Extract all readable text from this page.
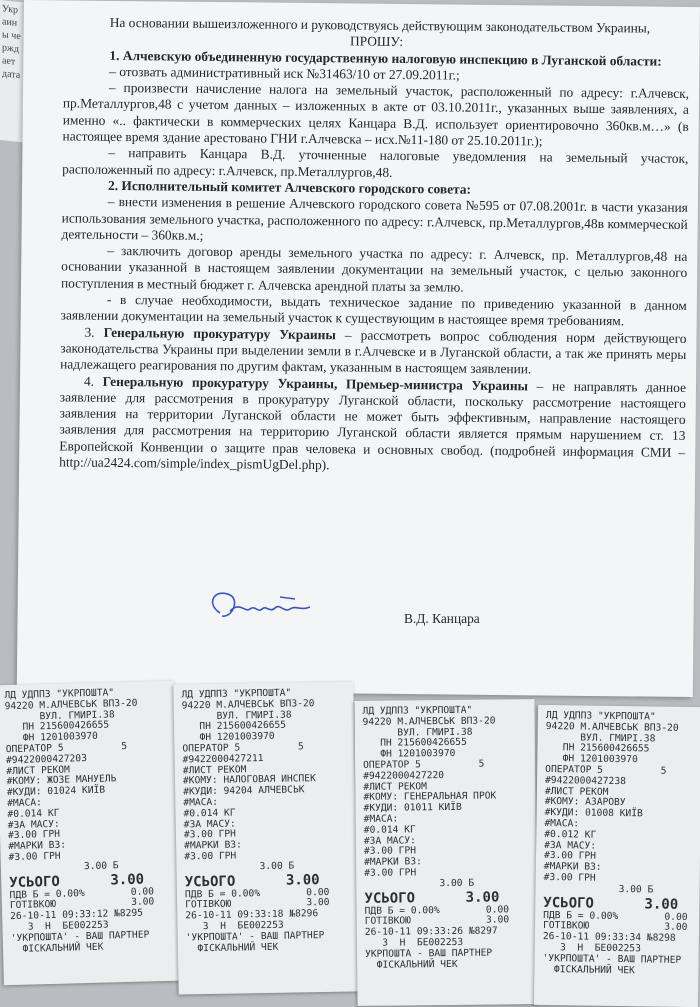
Украины черждает дата

На основании вышеизложенного и руководствуясь действующим законодательством Украины,

ПРОШУ:

1. Алчевскую объединенную государственную налоговую инспекцию в Луганской области:

– отозвать административный иск №31463/10 от 27.09.2011г.;

– произвести начисление налога на земельный участок, расположенный по адресу: г.Алчевск, пр.Металлургов,48 с учетом данных – изложенных в акте от 03.10.2011г., указанных выше заявлениях, а именно «.. фактически в коммерческих целях Канцара В.Д. использует ориентировочно 360кв.м…» (в настоящее время здание арестовано ГНИ г.Алчевска – исх.№11-180 от 25.10.2011г.);

– направить Канцара В.Д. уточненные налоговые уведомления на земельный участок, расположенный по адресу: г.Алчевск, пр.Металлургов,48.

2. Исполнительный комитет Алчевского городского совета:

– внести изменения в решение Алчевского городского совета №595 от 07.08.2001г. в части указания использования земельного участка, расположенного по адресу: г.Алчевск, пр.Металлургов,48в коммерческой деятельности – 360кв.м.;

– заключить договор аренды земельного участка по адресу: г. Алчевск, пр. Металлургов,48 на основании указанной в настоящем заявлении документации на земельный участок, с целью законного поступления в местный бюджет г. Алчевска арендной платы за землю.

- в случае необходимости, выдать техническое задание по приведению указанной в данном заявлении документации на земельный участок к существующим в настоящее время требованиям.

3. Генеральную прокуратуру Украины – рассмотреть вопрос соблюдения норм действующего законодательства Украины при выделении земли в г.Алчевске и в Луганской области, а так же принять меры надлежащего реагирования по другим фактам, указанным в настоящем заявлении.

4. Генеральную прокуратуру Украины, Премьер-министра Украины – не направлять данное заявление для рассмотрения в прокуратуру Луганской области, поскольку рассмотрение настоящего заявления на территории Луганской области не может быть эффективным, направление настоящего заявления для рассмотрения на территорию Луганской области является прямым нарушением ст. 13 Европейской Конвенции о защите прав человека и основных свобод. (подробней информация СМИ – http://ua2424.com/simple/index_pismUgDel.php).

В.Д. Канцара
ЛД УДППЗ "УКРПОШТА"
94220 М.АЛЧЕВСЬК ВПЗ-20
ВУЛ. ГМИРІ.38
ПН 215600426655
ФН 1201003970
ОПЕРАТОР 5          5
#9422000427203
#ЛИСТ РЕКОМ
#КОМУ: ЖОЗЕ МАНУЕЛЬ
#КУДИ: 01024 КИЇВ
#МАСА:
#0.014 КГ
#ЗА МАСУ:
#3.00 ГРН
#МАРКИ ВЗ:
#3.00 ГРН
3.00 Б
УСЬОГО	3.00
ПДВ Б = 0.00%        0.00
ГОТІВКОЮ             3.00
26-10-11 09:33:12 №8295
3  Н  БЕ002253
'УКРПОШТА' - ВАШ ПАРТНЕР
ФІСКАЛЬНИЙ ЧЕК
ЛД УДППЗ "УКРПОШТА"
94220 М.АЛЧЕВСЬК ВПЗ-20
ВУЛ. ГМИРІ.38
ПН 215600426655
ФН 1201003970
ОПЕРАТОР 5          5
#9422000427211
#ЛИСТ РЕКОМ
#КОМУ: НАЛОГОВАЯ ИНСПЕК
#КУДИ: 94204 АЛЧЕВСЬК
#МАСА:
#0.014 КГ
#ЗА МАСУ:
#3.00 ГРН
#МАРКИ ВЗ:
#3.00 ГРН
3.00 Б
УСЬОГО	3.00
ПДВ Б = 0.00%        0.00
ГОТІВКОЮ             3.00
26-10-11 09:33:18 №8296
3  Н  БЕ002253
'УКРПОШТА' - ВАШ ПАРТНЕР
ФІСКАЛЬНИЙ ЧЕК
ЛД УДППЗ "УКРПОШТА"
94220 М.АЛЧЕВСЬК ВПЗ-20
ВУЛ. ГМИРІ.38
ПН 215600426655
ФН 1201003970
ОПЕРАТОР 5          5
#9422000427220
#ЛИСТ РЕКОМ
#КОМУ: ГЕНЕРАЛЬНАЯ ПРОК
#КУДИ: 01011 КИЇВ
#МАСА:
#0.014 КГ
#ЗА МАСУ:
#3.00 ГРН
#МАРКИ ВЗ:
#3.00 ГРН
3.00 Б
УСЬОГО	3.00
ПДВ Б = 0.00%        0.00
ГОТІВКОЮ             3.00
26-10-11 09:33:26 №8297
3  Н  БЕ002253
УКРПОШТА - ВАШ ПАРТНЕР
ФІСКАЛЬНИЙ ЧЕК
ЛД УДППЗ "УКРПОШТА"
94220 М.АЛЧЕВСЬК ВПЗ-20
ВУЛ. ГМИРІ.38
ПН 215600426655
ФН 1201003970
ОПЕРАТОР 5          5
#9422000427238
#ЛИСТ РЕКОМ
#КОМУ: АЗАРОВУ
#КУДИ: 01008 КИЇВ
#МАСА:
#0.012 КГ
#ЗА МАСУ:
#3.00 ГРН
#МАРКИ ВЗ:
#3.00 ГРН
3.00 Б
УСЬОГО	3.00
ПДВ Б = 0.00%        0.00
ГОТІВКОЮ             3.00
26-10-11 09:33:34 №8298
3  Н  БЕ002253
'УКРПОШТА' - ВАШ ПАРТНЕР
ФІСКАЛЬНИЙ ЧЕК
